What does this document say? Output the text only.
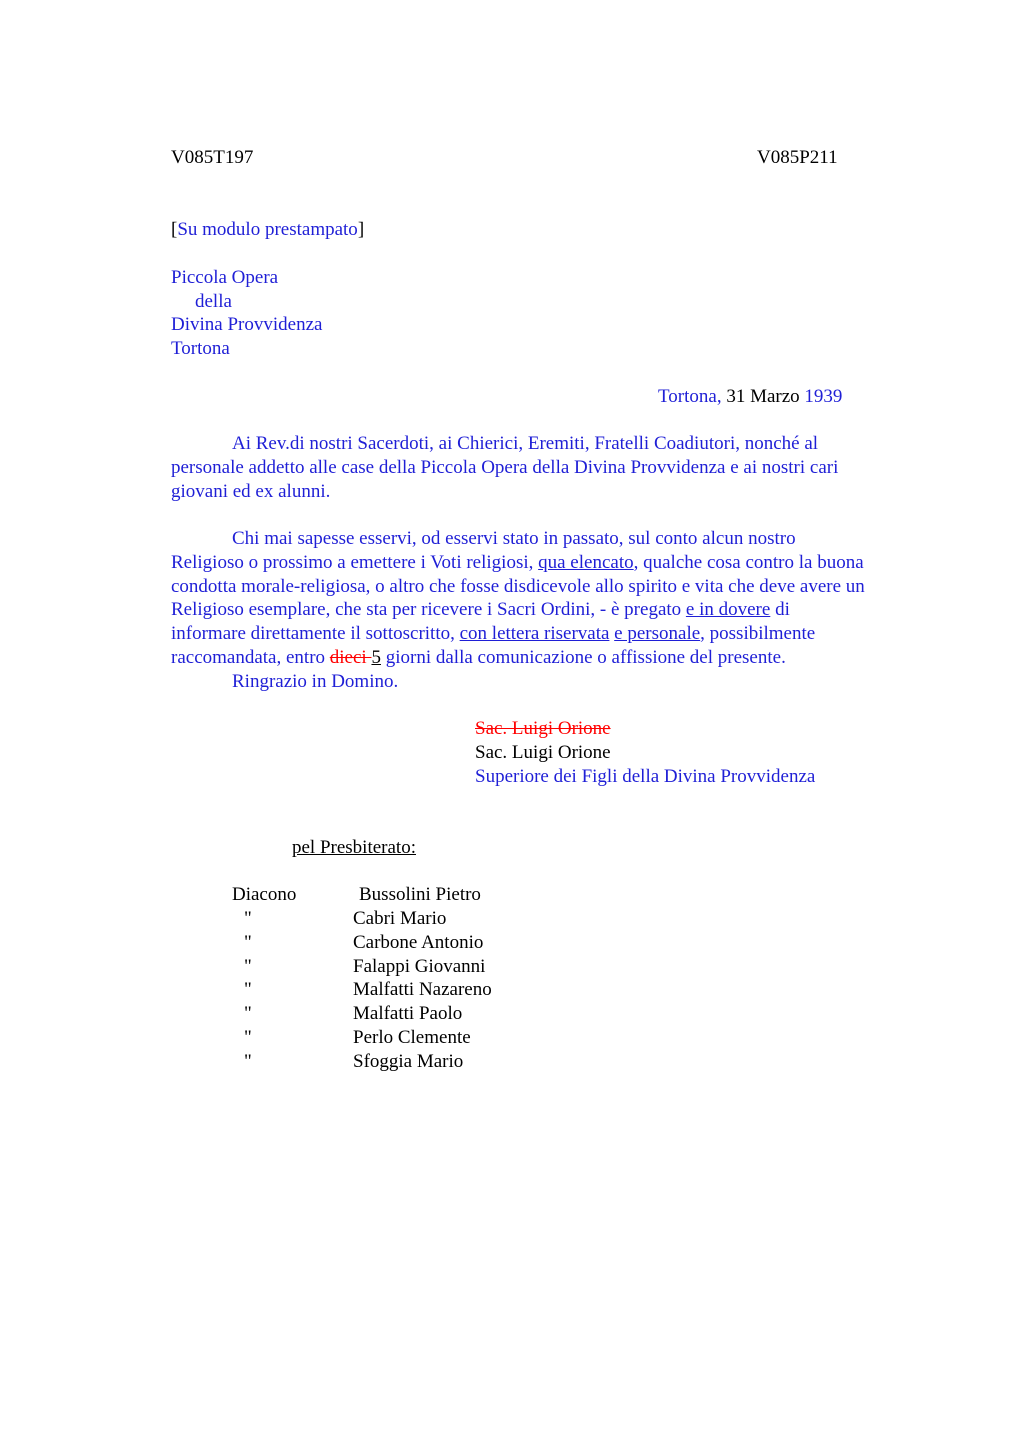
V085T197	V085P211
[Su modulo prestampato]
Piccola Opera
della
Divina Provvidenza
Tortona
Tortona, 31 Marzo 1939
Ai Rev.di nostri Sacerdoti, ai Chierici, Eremiti, Fratelli Coadiutori, nonché al
personale addetto alle case della Piccola Opera della Divina Provvidenza e ai nostri cari
giovani ed ex alunni.
Chi mai sapesse esservi, od esservi stato in passato, sul conto alcun nostro
Religioso o prossimo a emettere i Voti religiosi, qua elencato, qualche cosa contro la buona
condotta morale-religiosa, o altro che fosse disdicevole allo spirito e vita che deve avere un
Religioso esemplare, che sta per ricevere i Sacri Ordini, - è pregato e in dovere di
informare direttamente il sottoscritto, con lettera riservata e personale, possibilmente
raccomandata, entro dieci 5 giorni dalla comunicazione o affissione del presente.
Ringrazio in Domino.
Sac. Luigi Orione
Sac. Luigi Orione
Superiore dei Figli della Divina Provvidenza
pel Presbiterato:
Diacono	Bussolini Pietro
"	Cabri Mario
"	Carbone Antonio
"	Falappi Giovanni
"	Malfatti Nazareno
"	Malfatti Paolo
"	Perlo Clemente
"	Sfoggia Mario
